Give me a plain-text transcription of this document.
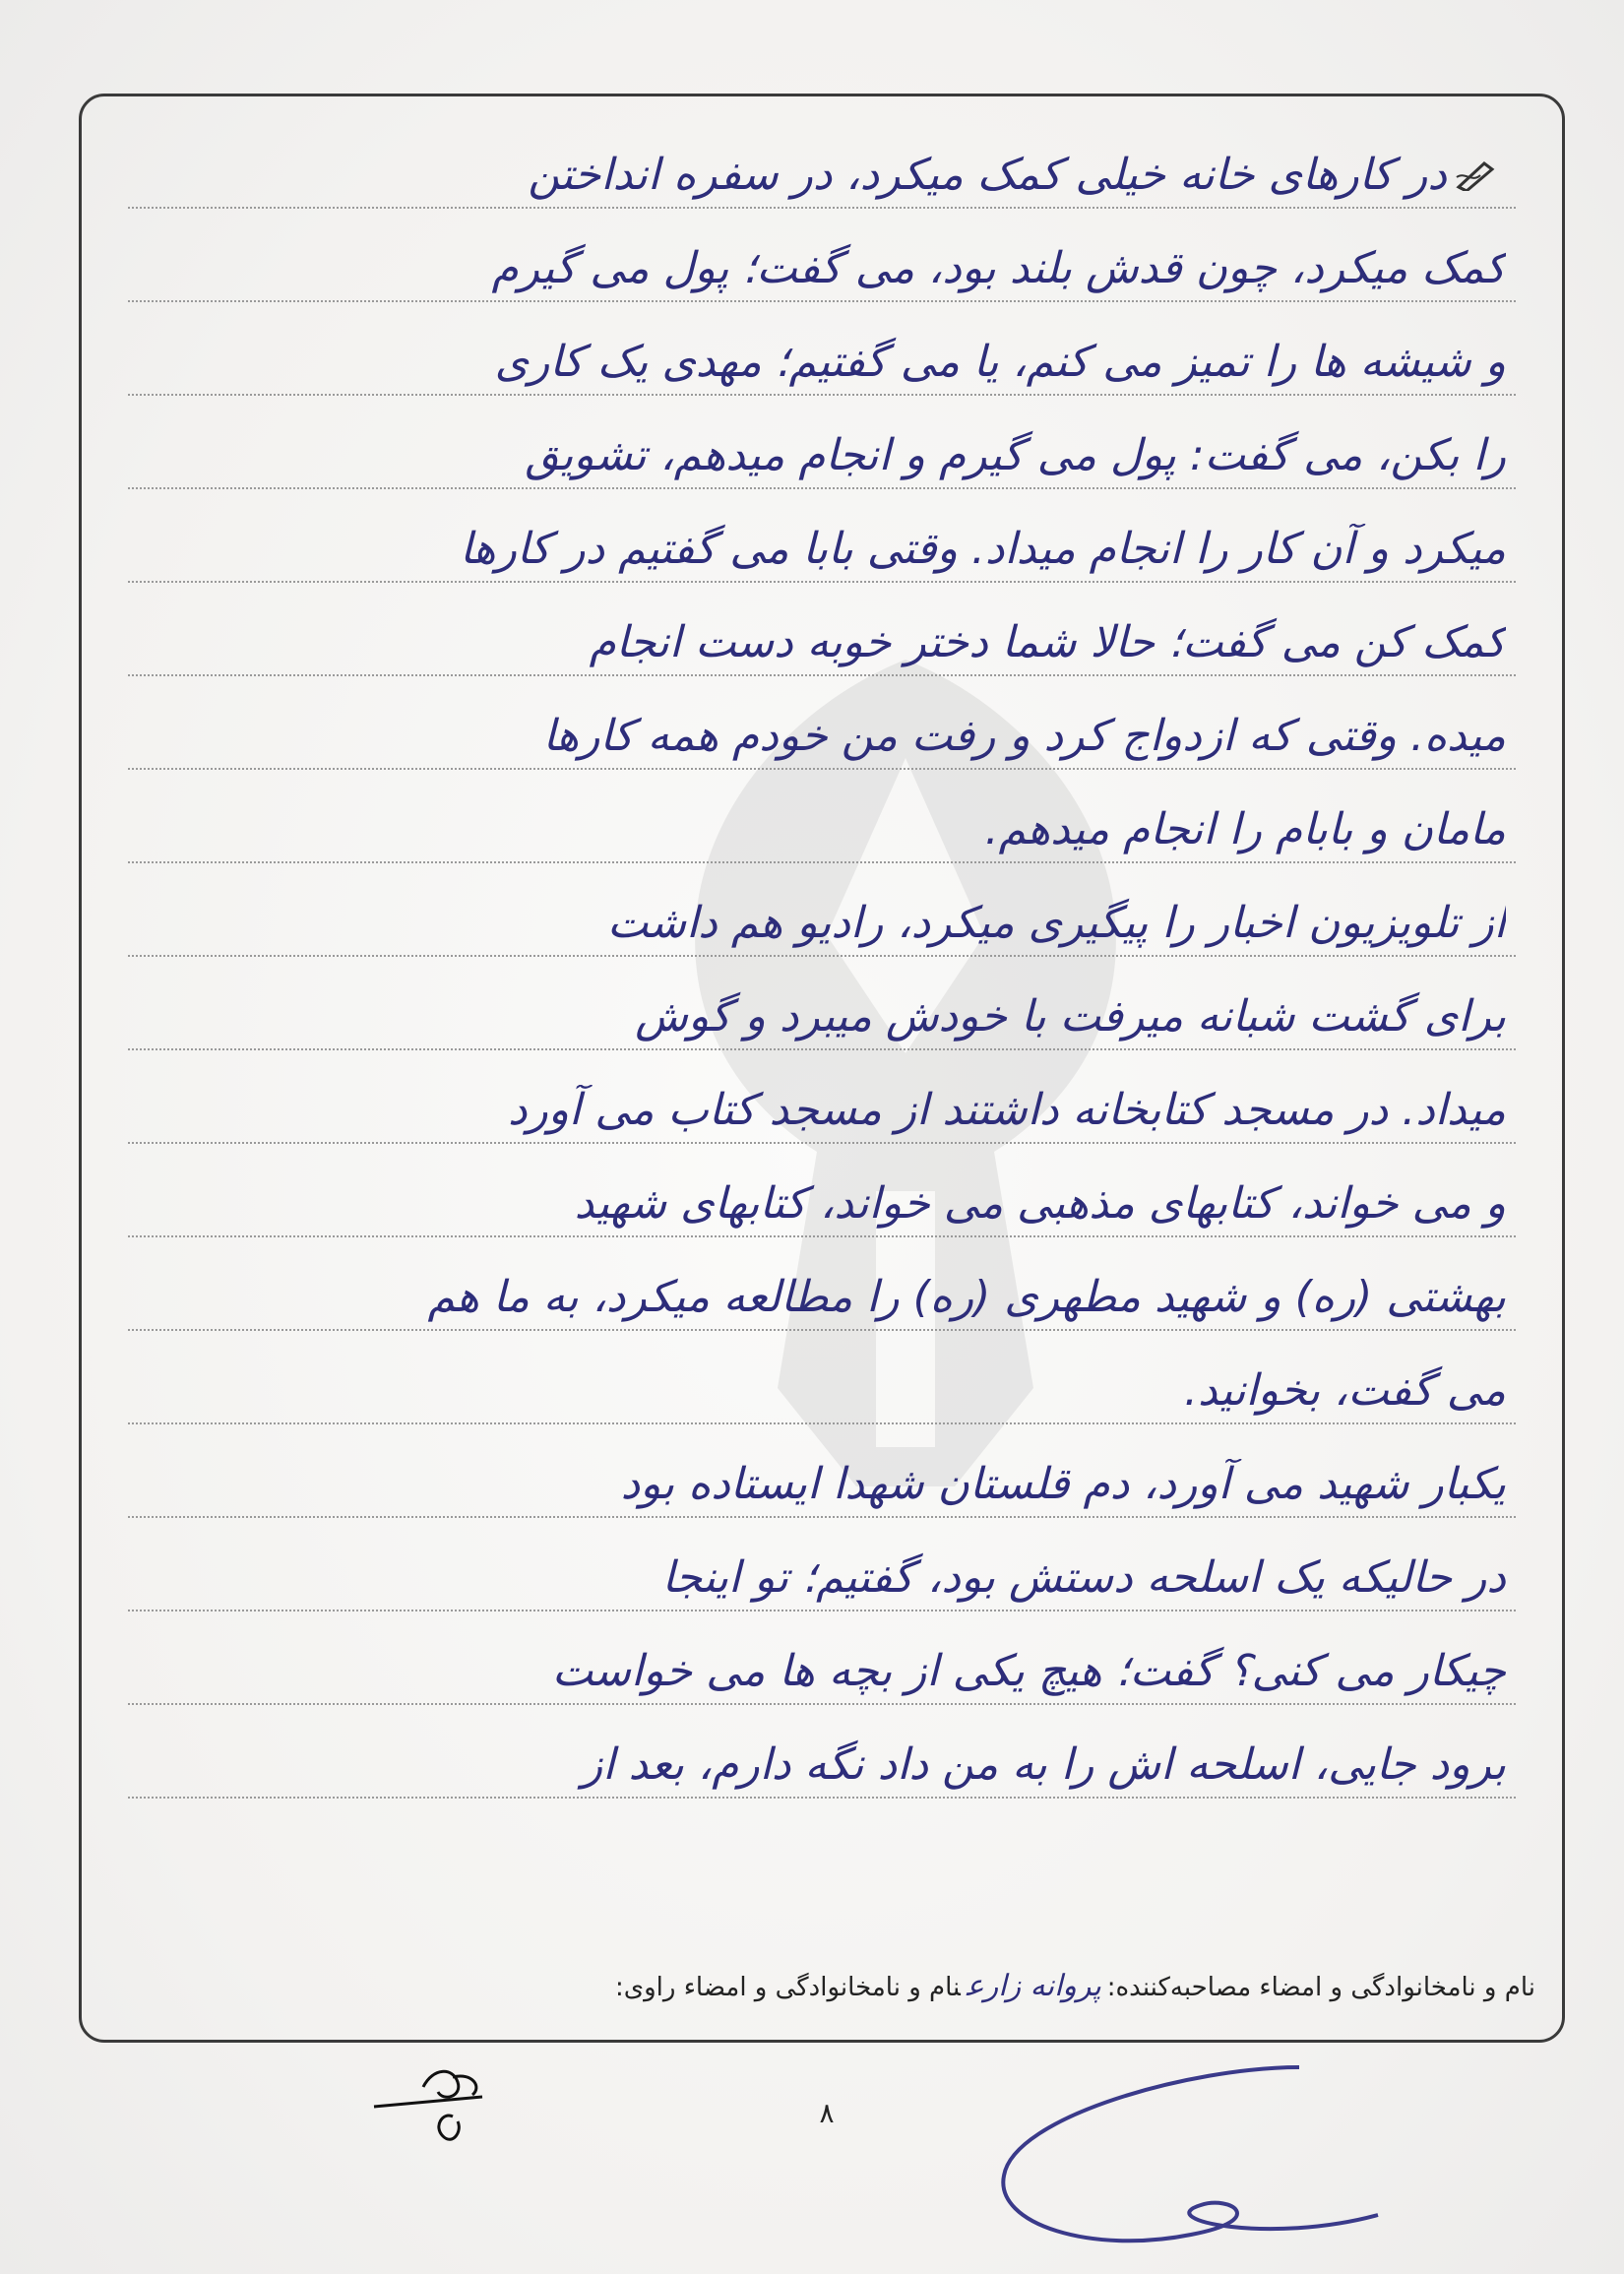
در کارهای خانه خیلی کمک میکرد، در سفره انداختن
کمک میکرد، چون قدش بلند بود، می گفت؛ پول می گیرم
و شیشه ها را تمیز می کنم، یا می گفتیم؛ مهدی یک کاری
را بکن، می گفت: پول می گیرم و انجام میدهم، تشویق
میکرد و آن کار را انجام میداد. وقتی بابا می گفتیم در کارها
کمک کن می گفت؛ حالا شما دختر خوبه دست انجام
میده. وقتی که ازدواج کرد و رفت من خودم همه کارها
مامان و بابام را انجام میدهم.
از تلویزیون اخبار را پیگیری میکرد، رادیو هم داشت
برای گشت شبانه میرفت با خودش میبرد و گوش
میداد. در مسجد کتابخانه داشتند از مسجد کتاب می آورد
و می خواند، کتابهای مذهبی می خواند، کتابهای شهید
بهشتی (ره) و شهید مطهری (ره) را مطالعه میکرد، به ما هم
می گفت، بخوانید.
یکبار شهید می آورد، دم قلستان شهدا ایستاده بود
در حالیکه یک اسلحه دستش بود، گفتیم؛ تو اینجا
چیکار می کنی؟ گفت؛ هیچ یکی از بچه ها می خواست
برود جایی، اسلحه اش را به من داد نگه دارم، بعد از
نام و نامخانوادگی و امضاء مصاحبه‌کننده:پروانه زارعنام و نامخانوادگی و امضاء راوی:
۸
